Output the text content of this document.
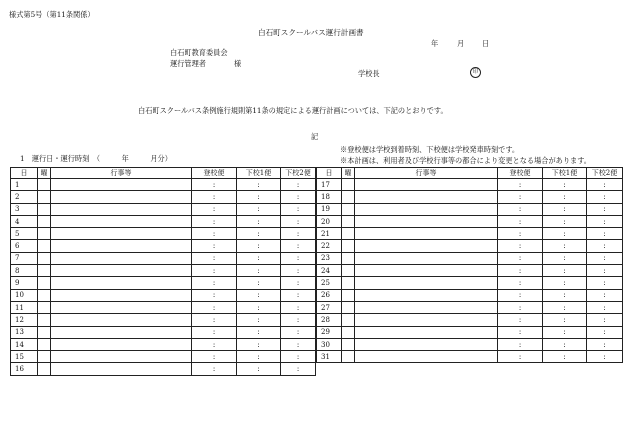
様式第5号（第11条関係）
白石町スクールバス運行計画書
年	月 日
白石町教育委員会
運行管理者	様
学校長	印
白石町スクールバス条例施行規則第11条の規定による運行計画については、下記のとおりです。
記
1　運行日・運行時刻　（　　　年　　　月分）
※登校便は学校到着時刻、下校便は学校発車時刻です。
※本計画は、利用者及び学校行事等の都合により変更となる場合があります。
日	曜	行事等	登校便	下校1便	下校2便
1			:	:	:
2			:	:	:
3			:	:	:
4			:	:	:
5			:	:	:
6			:	:	:
7			:	:	:
8			:	:	:
9			:	:	:
10			:	:	:
11			:	:	:
12			:	:	:
13			:	:	:
14			:	:	:
15			:	:	:
16			:	:	:
日	曜	行事等	登校便	下校1便	下校2便
17			:	:	:
18			:	:	:
19			:	:	:
20			:	:	:
21			:	:	:
22			:	:	:
23			:	:	:
24			:	:	:
25			:	:	:
26			:	:	:
27			:	:	:
28			:	:	:
29			:	:	:
30			:	:	:
31			:	:	:
